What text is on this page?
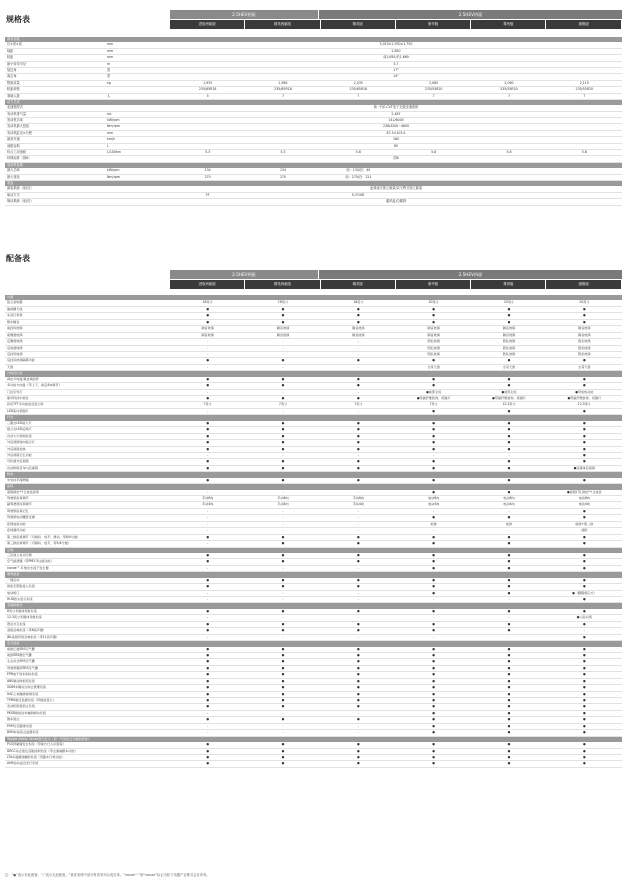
规格表
2.5HEV两驱	2.5HEV四驱
进取两驱版	精英两驱版	精英版	豪华版	尊贵版	旗舰版
基本参数
长×宽×高	mm	5,015×1,930×1,750
轴距	mm	2,850
轮距	mm	前1,655/后1,660
最小转弯半径	m	5.7
接近角	度	17°
离去角	度	14°
整备质量	kg	1,935	1,965	2,035	2,085	2,090	2,115
轮胎规格	235/65R18	235/65R18	235/65R18	235/55R20	235/55R20	235/55R20
乘载人数	人	5	7	7	7	7	7
动力总成
变速箱型式	新一代E-CVT电子无级变速系统
发动机排气量	mL	2,487
发动机功率	kW/rpm	141/6000
发动机最大扭矩	Nm/rpm	238/4200~4600
发动机缸径×行程	mm	87.5×103.4
最高车速	km/h	180
油箱容积	L	65
综合工况油耗	L/100km	5.3	5.3	5.8	5.8	5.8	5.8
环保标准（国6）	国6
电动机参数
最大功率	kW/rpm	134	134	前：134/后：40
最大扭矩	Nm/rpm	270	270	前：270/后：121
底盘
悬架系统（前/后）	麦弗逊式独立悬架/双叉臂式独立悬架
驱动方式	FF	E-FOUR
制动系统（前/后）	通风盘式/碟刹
配备表
2.5HEV两驱	2.5HEV四驱
进取两驱版	精英两驱版	精英版	豪华版	尊贵版	旗舰版
外观
铝合金轮毂	18英寸	18英寸	18英寸	20英寸	20英寸	20英寸
鲨鱼鳍天线	●	●	●	●	●	●
车顶行李架	●	●	●	●	●	●
整车隔音	●	●	●	●	●	●
前挡风玻璃	隔音玻璃	隔音玻璃	隔音玻璃	隔音玻璃	隔音玻璃	隔音玻璃
前侧窗玻璃	隔音玻璃	隔音玻璃	隔音玻璃	隔音玻璃	隔音玻璃	隔音玻璃
后侧窗玻璃	-	-	-	隐私玻璃	隐私玻璃	隐私玻璃
后角窗玻璃	-	-	-	隐私玻璃	隐私玻璃	隐私玻璃
后挡风玻璃	-	-	-	隐私玻璃	隐私玻璃	隐私玻璃
后挡风玻璃除雾功能	●	●	●	●	●	●
天窗	-	-	-	全景天窗	全景天窗	全景天窗
内饰及仪表
真皮方向盘/真皮换挡杆	●	●	●	●	●	●
多功能方向盘（带上下、前后4向调节）	●	●	●	●	●	●
门边引导灯	-	-	-	●前部全亮	●前部全亮	●带加热功能
豪华科技中控台	●	●	●	●带碳纤维装饰、氛围灯	●带碳纤维装饰、氛围灯	●带碳纤维装饰、氛围灯
彩色TFT多功能信息显示屏	7英寸	7英寸	7英寸	7英寸	12.3英寸	12.3英寸
LED室内氛围灯	-	-	-	●	●	●
灯光
三眼式LED前大灯	●	●	●	●	●	●
组合式LED后尾灯	●	●	●	●	●	●
自动大灯控制系统	●	●	●	●	●	●
外后视镜转向指示灯	●	●	●	●	●	●
外后视镜加热	●	●	●	●	●	●
外后视镜记忆功能	-	-	-	-	-	●
可折叠外后视镜	●	●	●	●	●	●
自动防眩目车内后视镜	●	●	●	●	●	●流媒体后视镜
转向
中央扶手储物箱	●	●	●	●	●	●
座椅
高级真皮*+合成皮座椅	-	-	-	●	●	●高级打孔真皮*+合成皮
驾驶席座椅调节	手动6向	手动6向	手动6向	电动8向	电动8向	电动8向
副驾驶席座椅调节	手动4向	手动4向	手动4向	电动4向	电动4向	电动4向
驾驶席座椅记忆	-	-	-	-	-	●
驾驶席电动腰部支撑	-	-	-	●	●	●
座椅加热功能	-	-	-	前排	前排	前排+第二排
座椅通风功能	-	-	-	-	-	前排
第二排座椅调节（可倾斜、放平、滑动，带6/4分割）	●	●	●	●	●	●
第三排座椅调节（可倾斜、放平，带5/4分割）	-	●	●	●	●	●
空调
三区独立自动空调	●	●	●	●	●	●
空气滤清器（带PM2.5过滤功能）	●	●	●	●	●	●
nanoe™ X 纳米水离子发生器	-	-	-	●	●	●
便利装备
一键启动	●	●	●	●	●	●
智能无钥匙进入系统	●	●	●	●	●	●
电动尾门	-	-	-	●	●	●（脚踢感应式）
HUD抬头显示系统	-	-	-	-	-	●
多媒体娱乐
8英寸多媒体导航系统	●	●	●	●	●	●
12.3英寸多媒体导航系统	-	-	-	-	-	●人脸识别
语音交互系统	●	●	●	●	●	●
高级音响系统（带6扬声器）	●	●	●	●	●	-
JBL高级环绕音响系统（带11扬声器）	-	-	-	-	-	●
安全装备
前排正面SRS空气囊	●	●	●	●	●	●
前排SRS侧空气囊	●	●	●	●	●	●
左右帘式SRS空气囊	●	●	●	●	●	●
驾驶席膝部SRS空气囊	●	●	●	●	●	●
EPB电子驻车制动系统	●	●	●	●	●	●
ABS制动防抱死系统	●	●	●	●	●	●
VDIM车辆动态综合管理系统	●	●	●	●	●	●
HAC上坡辅助控制系统	●	●	●	●	●	●
TPMS胎压监测系统（带数值显示）	●	●	●	●	●	●
发动机防盗锁止系统	●	●	●	●	●	●
PKSB智能泊车辅助制动系统	-	-	-	●	●	●
倒车雷达	●	●	●	●	●	●
PVM全景影像系统	-	-	-	●	●	●
BSM并线盲点监测系统	-	-	-	●	●	●
Toyota Safety Sense智行安全（新一代智能安全辅助套装）
PCS预碰撞安全系统（带前方行人识别等）	●	●	●	●	●	●
DRCC动态雷达巡航控制系统（带全速域跟车功能）	●	●	●	●	●	●
LTA车道循迹辅助系统（带路车行驶功能）	●	●	●	●	●	●
AHB自动远近光灯系统	●	●	●	●	●	●
注：“●”表示有此配备，“-”表示无此配备。“真皮坐椅中部分材质采用合成皮革。“nanoe™”和“nanoe”标记为松下电器产业株式会社所有。
